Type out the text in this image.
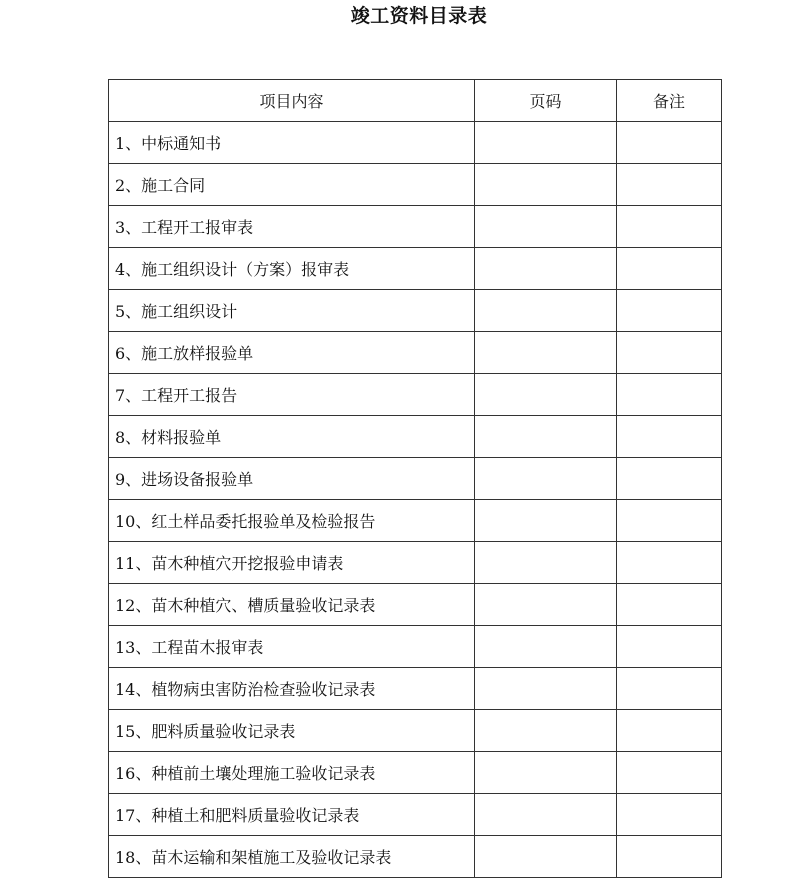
竣工资料目录表
项目内容	页码	备注
1、中标通知书		
2、施工合同		
3、工程开工报审表		
4、施工组织设计（方案）报审表		
5、施工组织设计		
6、施工放样报验单		
7、工程开工报告		
8、材料报验单		
9、进场设备报验单		
10、红土样品委托报验单及检验报告		
11、苗木种植穴开挖报验申请表		
12、苗木种植穴、槽质量验收记录表		
13、工程苗木报审表		
14、植物病虫害防治检查验收记录表		
15、肥料质量验收记录表		
16、种植前土壤处理施工验收记录表		
17、种植土和肥料质量验收记录表		
18、苗木运输和架植施工及验收记录表		
